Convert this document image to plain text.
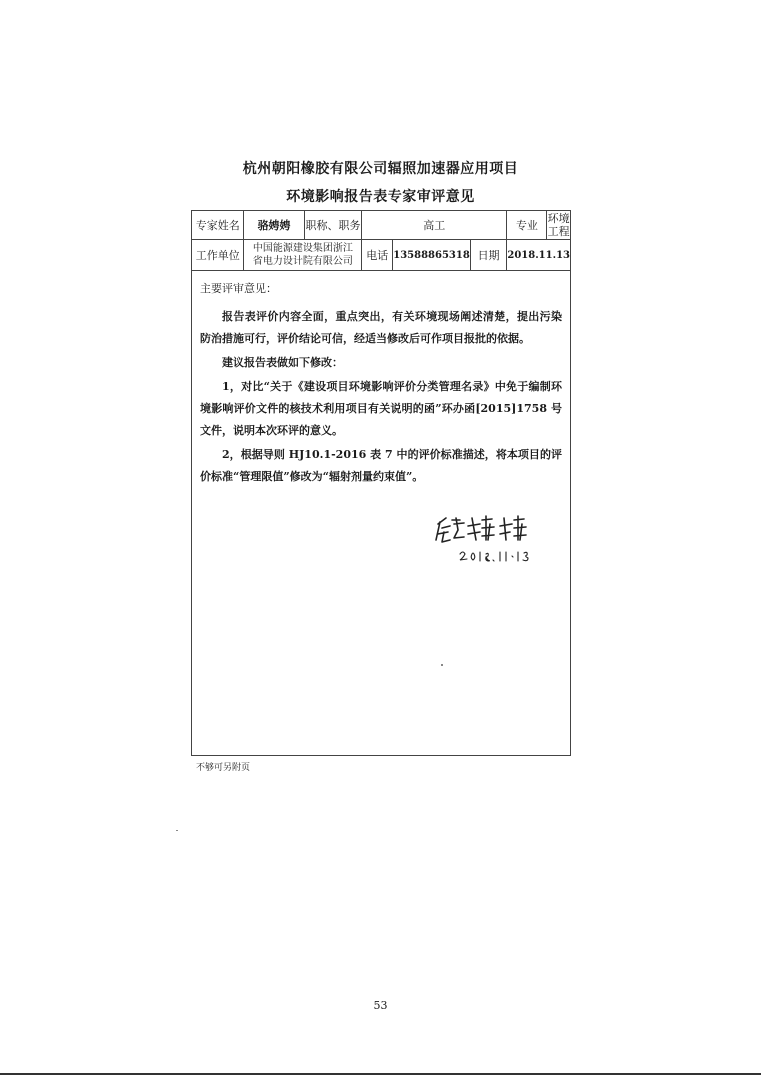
杭州朝阳橡胶有限公司辐照加速器应用项目
环境影响报告表专家审评意见
专家姓名	骆娉娉	职称、职务	高工		专业 环境工程

工作单位	中国能源建设集团浙江省电力设计院有限公司		电话 13588865318	日期	2018.11.13
主要评审意见：

报告表评价内容全面，重点突出，有关环境现场阐述清楚，提出污染防治措施可行，评价结论可信，经适当修改后可作项目报批的依据。

建议报告表做如下修改：

1，对比“关于《建设项目环境影响评价分类管理名录》中免于编制环境影响评价文件的核技术利用项目有关说明的函”环办函[2015]1758 号文件，说明本次环评的意义。

2，根据导则 HJ10.1-2016 表 7 中的评价标准描述，将本项目的评价标准“管理限值”修改为“辐射剂量约束值”。

不够可另附页
53
